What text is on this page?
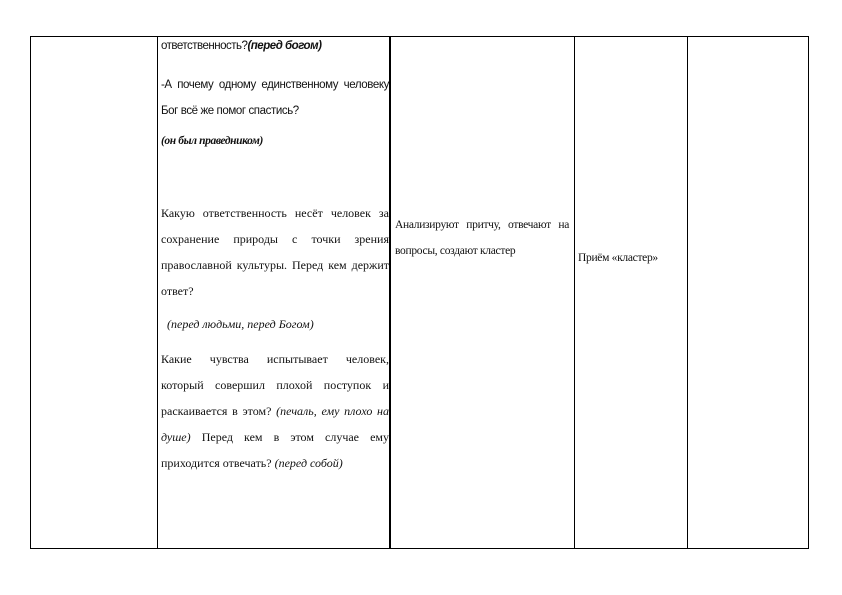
ответственность?(перед богом)

-А почему одному единственному человеку Бог всё же помог спастись?

(он был праведником)

Какую ответственность несёт человек за сохранение природы с точки зрения православной культуры. Перед кем держит ответ?

(перед людьми, перед Богом)

Какие чувства испытывает человек, который совершил плохой поступок и раскаивается в этом? (печаль, ему плохо на душе) Перед кем в этом случае ему приходится отвечать? (перед собой)

Анализируют притчу, отвечают на вопросы, создают кластер

Приём «кластер»
